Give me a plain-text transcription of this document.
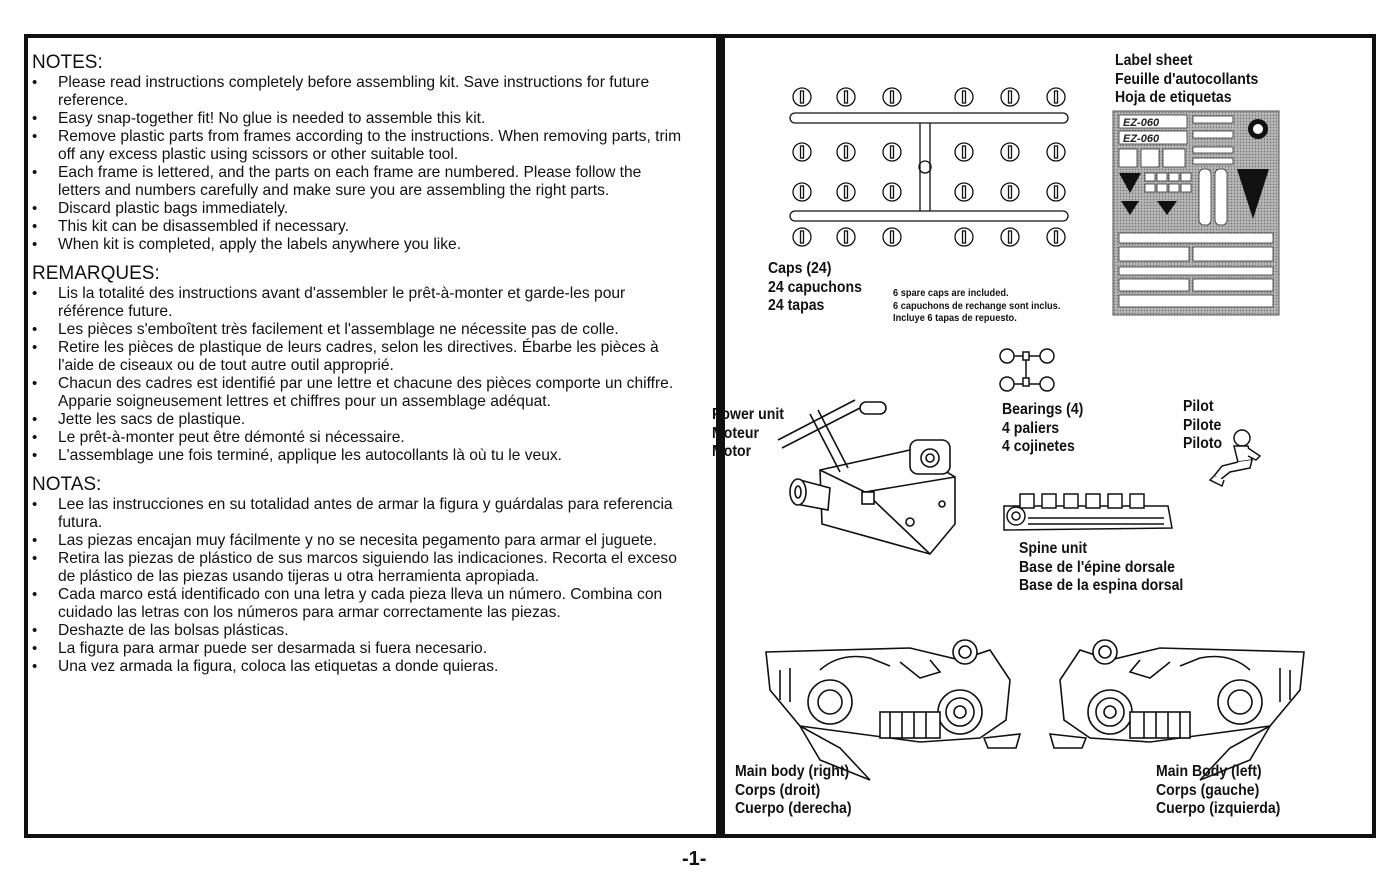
NOTES:
• Please read instructions completely before assembling kit. Save instructions for future reference.
• Easy snap-together fit! No glue is needed to assemble this kit.
• Remove plastic parts from frames according to the instructions. When removing parts, trim off any excess plastic using scissors or other suitable tool.
• Each frame is lettered, and the parts on each frame are numbered. Please follow the letters and numbers carefully and make sure you are assembling the right parts.
• Discard plastic bags immediately.
• This kit can be disassembled if necessary.
• When kit is completed, apply the labels anywhere you like.
REMARQUES:
• Lis la totalité des instructions avant d'assembler le prêt-à-monter et garde-les pour référence future.
• Les pièces s'emboîtent très facilement et l'assemblage ne nécessite pas de colle.
• Retire les pièces de plastique de leurs cadres, selon les directives. Ébarbe les pièces à l'aide de ciseaux ou de tout autre outil approprié.
• Chacun des cadres est identifié par une lettre et chacune des pièces comporte un chiffre. Apparie soigneusement lettres et chiffres pour un assemblage adéquat.
• Jette les sacs de plastique.
• Le prêt-à-monter peut être démonté si nécessaire.
• L'assemblage une fois terminé, applique les autocollants là où tu le veux.
NOTAS:
• Lee las instrucciones en su totalidad antes de armar la figura y guárdalas para referencia futura.
• Las piezas encajan muy fácilmente y no se necesita pegamento para armar el juguete.
• Retira las piezas de plástico de sus marcos siguiendo las indicaciones. Recorta el exceso de plástico de las piezas usando tijeras u otra herramienta apropiada.
• Cada marco está identificado con una letra y cada pieza lleva un número. Combina con cuidado las letras con los números para armar correctamente las piezas.
• Deshazte de las bolsas plásticas.
• La figura para armar puede ser desarmada si fuera necesario.
• Una vez armada la figura, coloca las etiquetas a donde quieras.
EZ-060
EZ-060
Caps (24)
24 capuchons
24 tapas
6 spare caps are included.
6 capuchons de rechange sont inclus.
Incluye 6 tapas de repuesto.
Label sheet
Feuille d'autocollants
Hoja de etiquetas
Power unit
Moteur
Motor
Bearings (4)
4 paliers
4 cojinetes
Pilot
Pilote
Piloto
Spine unit
Base de l'épine dorsale
Base de la espina dorsal
Main body (right)
Corps (droit)
Cuerpo (derecha)
Main Body (left)
Corps (gauche)
Cuerpo (izquierda)
-1-
